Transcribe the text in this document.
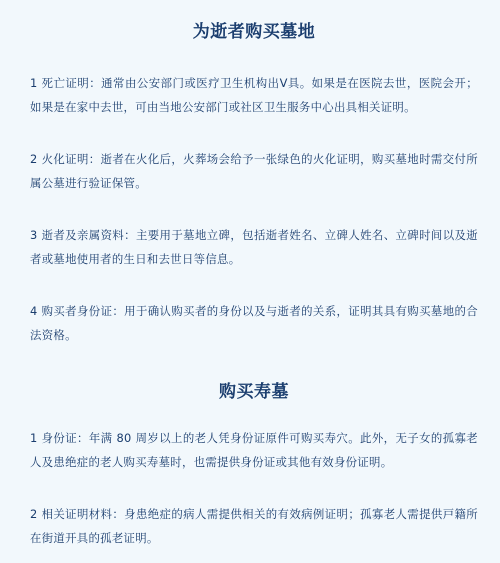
为逝者购买墓地

1 死亡证明：通常由公安部门或医疗卫生机构出Ⅴ具。如果是在医院去世，医院会开；如果是在家中去世，可由当地公安部门或社区卫生服务中心出具相关证明。

2 火化证明：逝者在火化后，火葬场会给予一张绿色的火化证明，购买墓地时需交付所属公墓进行验证保管。

3 逝者及亲属资料：主要用于墓地立碑，包括逝者姓名、立碑人姓名、立碑时间以及逝者或墓地使用者的生日和去世日等信息。

4 购买者身份证：用于确认购买者的身份以及与逝者的关系，证明其具有购买墓地的合法资格。

购买寿墓

1 身份证：年满 80 周岁以上的老人凭身份证原件可购买寿穴。此外，无子女的孤寡老人及患绝症的老人购买寿墓时，也需提供身份证或其他有效身份证明。

2 相关证明材料：身患绝症的病人需提供相关的有效病例证明；孤寡老人需提供戸籍所在街道开具的孤老证明。
